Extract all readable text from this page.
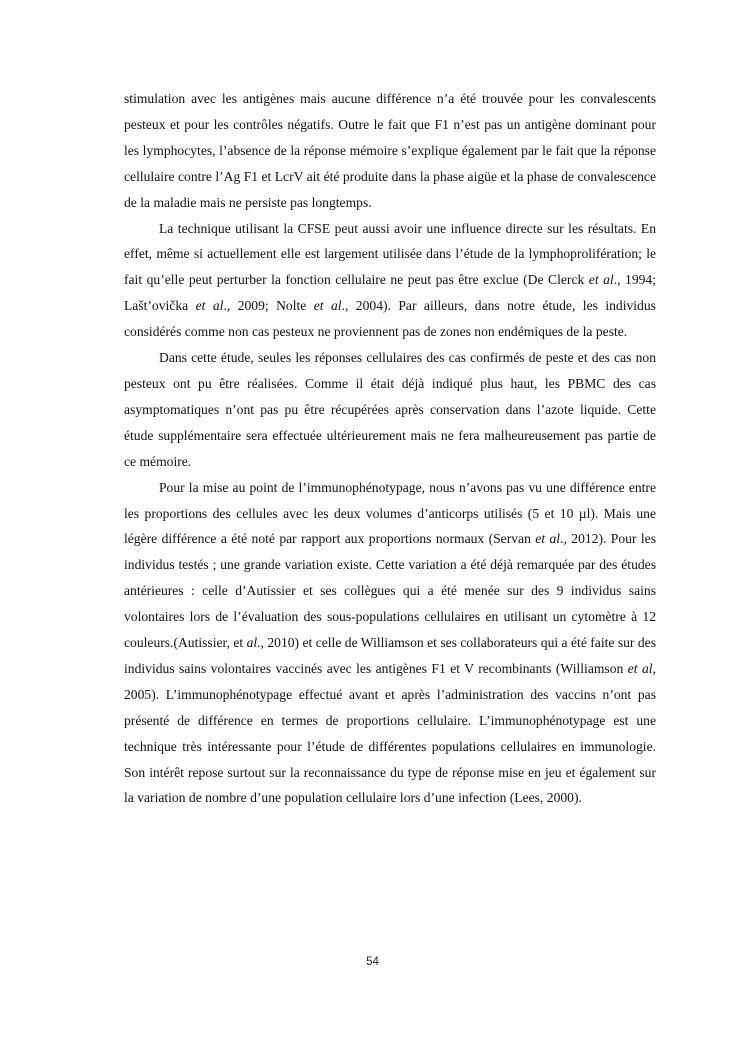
stimulation avec les antigènes mais aucune différence n’a été trouvée pour les convalescents pesteux et pour les contrôles négatifs. Outre le fait que F1 n’est pas un antigène dominant pour les lymphocytes, l’absence de la réponse mémoire s’explique également par le fait que la réponse cellulaire contre l’Ag F1 et LcrV ait été produite dans la phase aigüe et la phase de convalescence de la maladie mais ne persiste pas longtemps.

La technique utilisant la CFSE peut aussi avoir une influence directe sur les résultats. En effet, même si actuellement elle est largement utilisée dans l’étude de la lymphoprolifération; le fait qu’elle peut perturber la fonction cellulaire ne peut pas être exclue (De Clerck et al., 1994; Lašt’ovička et al., 2009; Nolte et al., 2004). Par ailleurs, dans notre étude, les individus considérés comme non cas pesteux ne proviennent pas de zones non endémiques de la peste.

Dans cette étude, seules les réponses cellulaires des cas confirmés de peste et des cas non pesteux ont pu être réalisées. Comme il était déjà indiqué plus haut, les PBMC des cas asymptomatiques n’ont pas pu être récupérées après conservation dans l’azote liquide. Cette étude supplémentaire sera effectuée ultérieurement mais ne fera malheureusement pas partie de ce mémoire.

Pour la mise au point de l’immunophénotypage, nous n’avons pas vu une différence entre les proportions des cellules avec les deux volumes d’anticorps utilisés (5 et 10 µl). Mais une légère différence a été noté par rapport aux proportions normaux (Servan et al., 2012). Pour les individus testés ; une grande variation existe. Cette variation a été déjà remarquée par des études antérieures : celle d’Autissier et ses collègues qui a été menée sur des 9 individus sains volontaires lors de l’évaluation des sous-populations cellulaires en utilisant un cytomètre à 12 couleurs.(Autissier, et al., 2010) et celle de Williamson et ses collaborateurs qui a été faite sur des individus sains volontaires vaccinés avec les antigènes F1 et V recombinants (Williamson et al, 2005). L’immunophénotypage effectué avant et après l’administration des vaccins n’ont pas présenté de différence en termes de proportions cellulaire. L’immunophénotypage est une technique très intéressante pour l’étude de différentes populations cellulaires en immunologie. Son intérêt repose surtout sur la reconnaissance du type de réponse mise en jeu et également sur la variation de nombre d’une population cellulaire lors d’une infection (Lees, 2000).

54
